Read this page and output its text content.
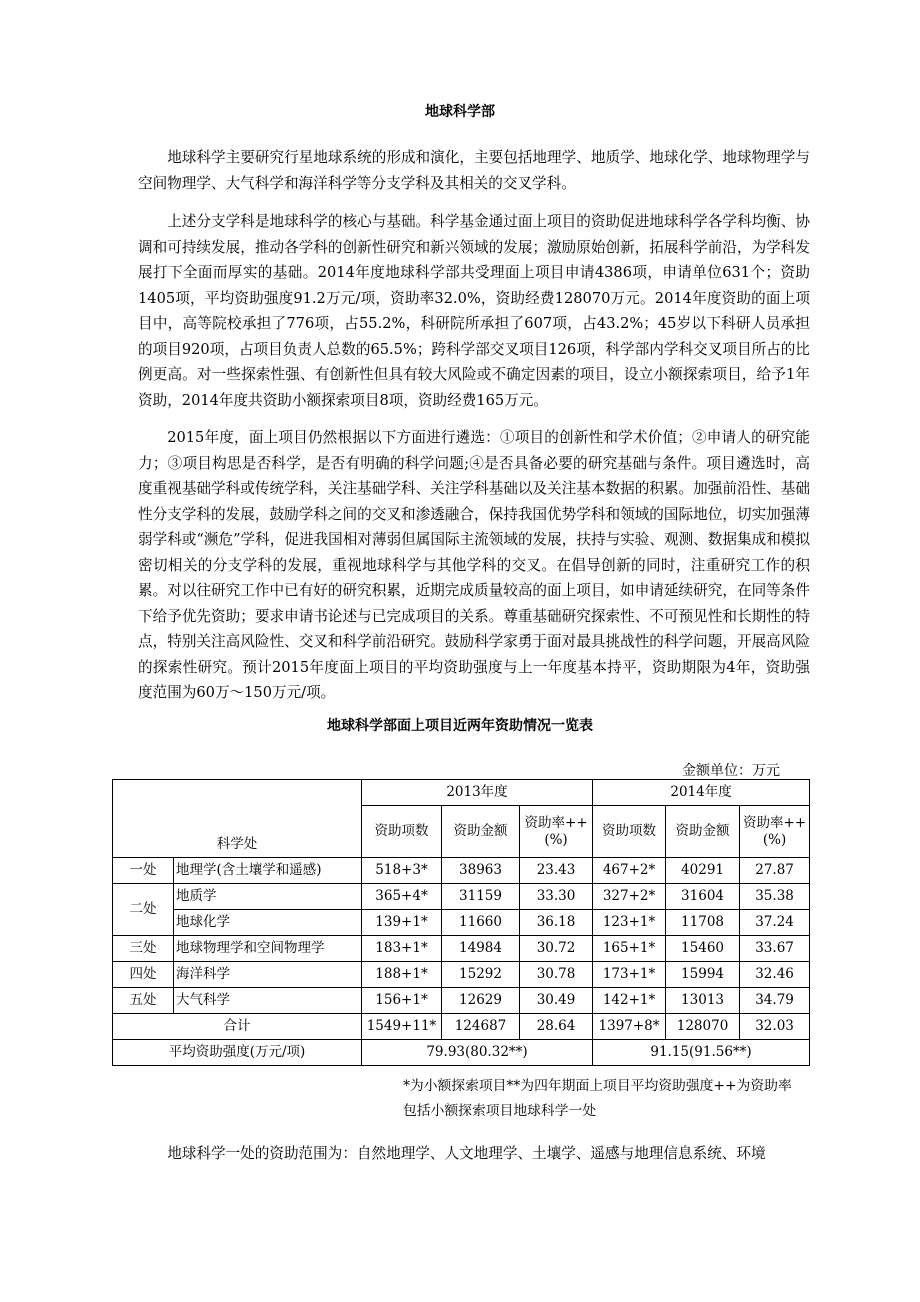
地球科学部

地球科学主要研究行星地球系统的形成和演化，主要包括地理学、地质学、地球化学、地球物理学与空间物理学、大气科学和海洋科学等分支学科及其相关的交叉学科。

上述分支学科是地球科学的核心与基础。科学基金通过面上项目的资助促进地球科学各学科均衡、协调和可持续发展，推动各学科的创新性研究和新兴领域的发展；激励原始创新，拓展科学前沿，为学科发展打下全面而厚实的基础。2014年度地球科学部共受理面上项目申请4386项，申请单位631个；资助1405项，平均资助强度91.2万元/项，资助率32.0%，资助经费128070万元。2014年度资助的面上项目中，高等院校承担了776项，占55.2%，科研院所承担了607项，占43.2%；45岁以下科研人员承担的项目920项，占项目负责人总数的65.5%；跨科学部交叉项目126项，科学部内学科交叉项目所占的比例更高。对一些探索性强、有创新性但具有较大风险或不确定因素的项目，设立小额探索项目，给予1年资助，2014年度共资助小额探索项目8项，资助经费165万元。

2015年度，面上项目仍然根据以下方面进行遴选：①项目的创新性和学术价值；②申请人的研究能力；③项目构思是否科学，是否有明确的科学问题;④是否具备必要的研究基础与条件。项目遴选时，高度重视基础学科或传统学科，关注基础学科、关注学科基础以及关注基本数据的积累。加强前沿性、基础性分支学科的发展，鼓励学科之间的交叉和渗透融合，保持我国优势学科和领域的国际地位，切实加强薄弱学科或“濒危”学科，促进我国相对薄弱但属国际主流领域的发展，扶持与实验、观测、数据集成和模拟密切相关的分支学科的发展，重视地球科学与其他学科的交叉。在倡导创新的同时，注重研究工作的积累。对以往研究工作中已有好的研究积累，近期完成质量较高的面上项目，如申请延续研究，在同等条件下给予优先资助；要求申请书论述与已完成项目的关系。尊重基础研究探索性、不可预见性和长期性的特点，特别关注高风险性、交叉和科学前沿研究。鼓励科学家勇于面对最具挑战性的科学问题，开展高风险的探索性研究。预计2015年度面上项目的平均资助强度与上一年度基本持平，资助期限为4年，资助强度范围为60万～150万元/项。

地球科学部面上项目近两年资助情况一览表
金额单位：万元
科学处		2013年度			2014年度		
		资助项数	资助金额	资助率++ (%)	资助项数	资助金额	资助率++ (%)
一处	地理学(含土壤学和遥感)	518+3*	38963	23.43	467+2*	40291	27.87
二处	地质学	365+4*	31159	33.30	327+2*	31604	35.38
	地球化学	139+1*	11660	36.18	123+1*	11708	37.24
三处	地球物理学和空间物理学	183+1*	14984	30.72	165+1*	15460	33.67
四处	海洋科学	188+1*	15292	30.78	173+1*	15994	32.46
五处	大气科学	156+1*	12629	30.49	142+1*	13013	34.79
合计		1549+11*	124687	28.64	1397+8*	128070	32.03
平均资助强度(万元/项)		79.93(80.32**)			91.15(91.56**)		

*为小额探索项目**为四年期面上项目平均资助强度++为资助率包括小额探索项目地球科学一处

地球科学一处的资助范围为：自然地理学、人文地理学、土壤学、遥感与地理信息系统、环境
